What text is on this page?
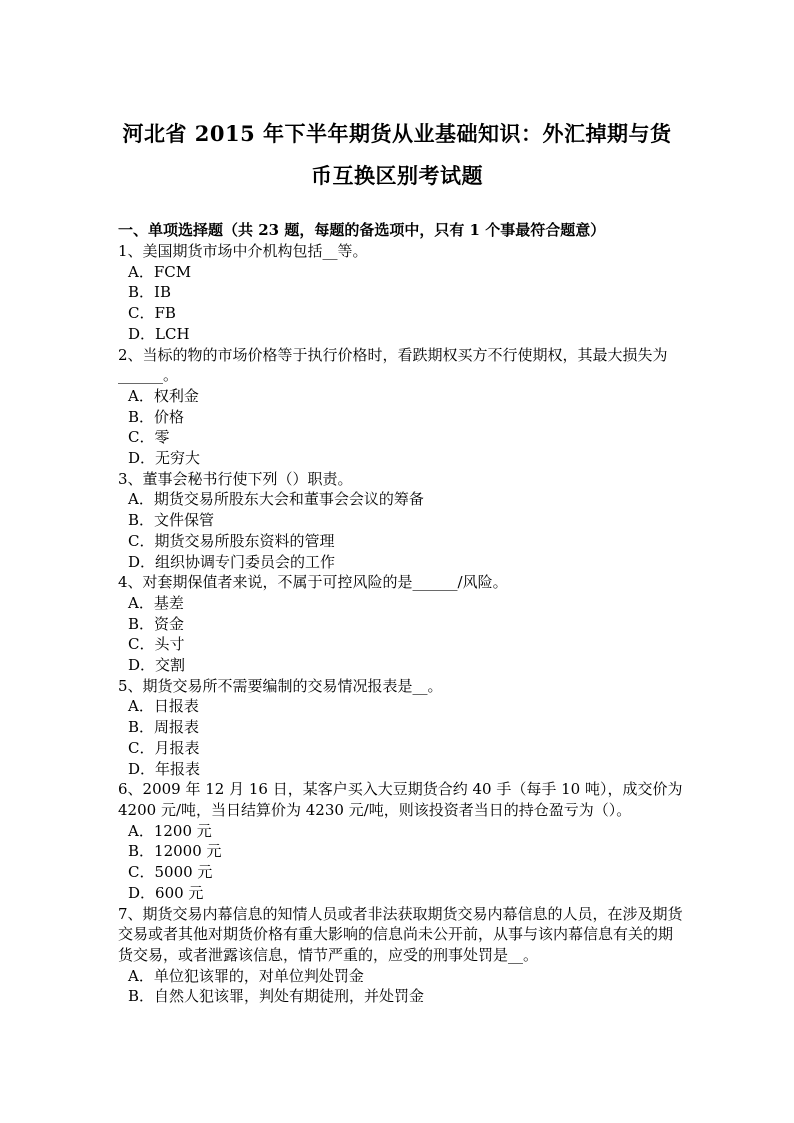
河北省 2015 年下半年期货从业基础知识：外汇掉期与货
币互换区别考试题
一、单项选择题（共 23 题，每题的备选项中，只有 1 个事最符合题意）

1、美国期货市场中介机构包括__等。

A．FCM

B．IB

C．FB

D．LCH

2、当标的物的市场价格等于执行价格时，看跌期权买方不行使期权，其最大损失为______。

A．权利金

B．价格

C．零

D．无穷大

3、董事会秘书行使下列（）职责。

A．期货交易所股东大会和董事会会议的筹备

B．文件保管

C．期货交易所股东资料的管理

D．组织协调专门委员会的工作

4、对套期保值者来说，不属于可控风险的是______/风险。

A．基差

B．资金

C．头寸

D．交割

5、期货交易所不需要编制的交易情况报表是__。

A．日报表

B．周报表

C．月报表

D．年报表

6、2009 年 12 月 16 日，某客户买入大豆期货合约 40 手（每手 10 吨），成交价为 4200 元/吨，当日结算价为 4230 元/吨，则该投资者当日的持仓盈亏为（）。

A．1200 元

B．12000 元

C．5000 元

D．600 元

7、期货交易内幕信息的知情人员或者非法获取期货交易内幕信息的人员，在涉及期货交易或者其他对期货价格有重大影响的信息尚未公开前，从事与该内幕信息有关的期货交易，或者泄露该信息，情节严重的，应受的刑事处罚是__。

A．单位犯该罪的，对单位判处罚金

B．自然人犯该罪，判处有期徒刑，并处罚金
